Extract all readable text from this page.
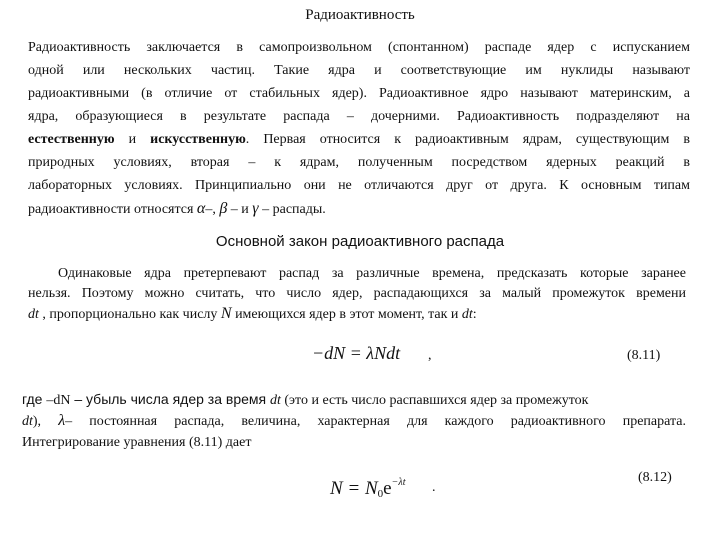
Радиоактивность
Радиоактивность заключается в самопроизвольном (спонтанном) распаде ядер с испусканием
одной или нескольких частиц. Такие ядра и соответствующие им нуклиды называют
радиоактивными (в отличие от стабильных ядер). Радиоактивное ядро называют материнским, а
ядра, образующиеся в результате распада – дочерними. Радиоактивность подразделяют на
естественную и искусственную. Первая относится к радиоактивным ядрам, существующим в
природных условиях, вторая – к ядрам, полученным посредством ядерных реакций в
лабораторных условиях. Принципиально они не отличаются друг от друга. К основным типам
радиоактивности относятся α–, β – и γ – распады.
Основной закон радиоактивного распада
Одинаковые ядра претерпевают распад за различные времена, предсказать которые заранее
нельзя. Поэтому можно считать, что число ядер, распадающихся за малый промежуток времени
dt , пропорционально как числу N имеющихся ядер в этот момент, так и dt:
−dN = λNdt ,	(8.11)
где –dN – убыль числа ядер за время dt (это и есть число распавшихся ядер за промежуток
dt), λ– постоянная распада, величина, характерная для каждого радиоактивного препарата.
Интегрирование уравнения (8.11) дает
$N = N_0e^{-\lambda t}$ .
(8.12)
